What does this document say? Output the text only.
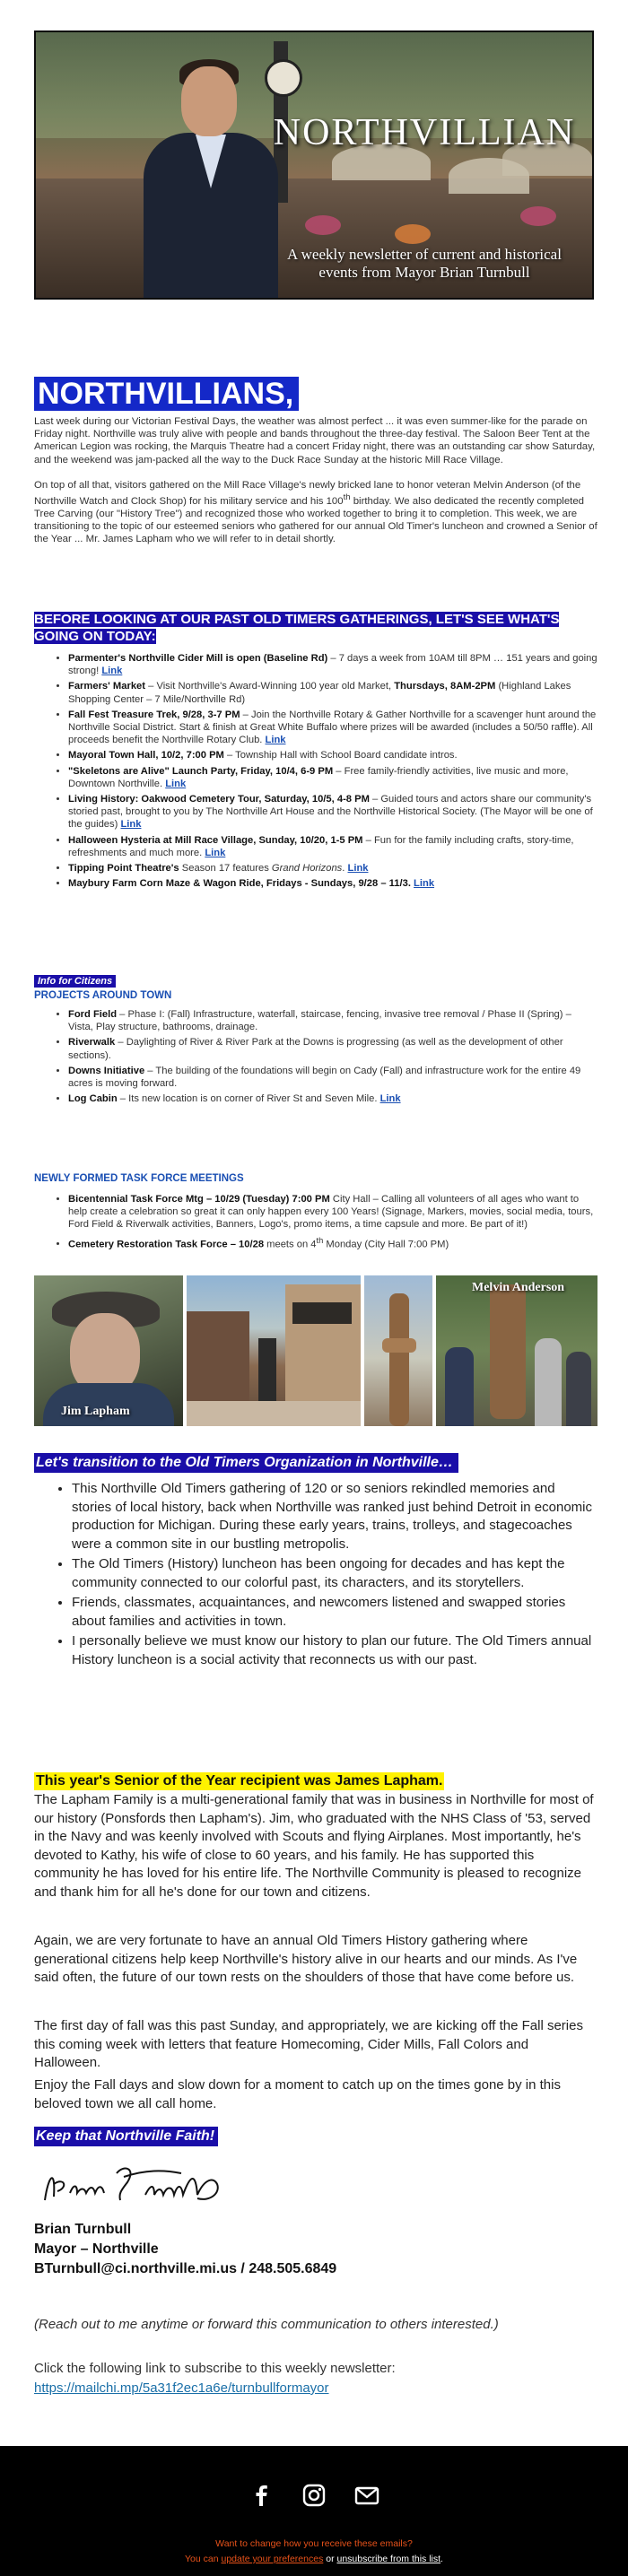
NORTHVILLIAN
A weekly newsletter of current and historical
events from Mayor Brian Turnbull
NORTHVILLIANS,

Last week during our Victorian Festival Days, the weather was almost perfect ... it was even summer-like for the parade on Friday night. Northville was truly alive with people and bands throughout the three-day festival. The Saloon Beer Tent at the American Legion was rocking, the Marquis Theatre had a concert Friday night, there was an outstanding car show Saturday, and the weekend was jam-packed all the way to the Duck Race Sunday at the historic Mill Race Village.

On top of all that, visitors gathered on the Mill Race Village's newly bricked lane to honor veteran Melvin Anderson (of the Northville Watch and Clock Shop) for his military service and his 100th birthday. We also dedicated the recently completed Tree Carving (our "History Tree") and recognized those who worked together to bring it to completion. This week, we are transitioning to the topic of our esteemed seniors who gathered for our annual Old Timer's luncheon and crowned a Senior of the Year ... Mr. James Lapham who we will refer to in detail shortly.

BEFORE LOOKING AT OUR PAST OLD TIMERS GATHERINGS, LET'S SEE WHAT'S
GOING ON TODAY:
• Parmenter's Northville Cider Mill is open (Baseline Rd) – 7 days a week from 10AM till 8PM … 151 years and going strong! Link
• Farmers' Market – Visit Northville's Award-Winning 100 year old Market, Thursdays, 8AM-2PM (Highland Lakes Shopping Center – 7 Mile/Northville Rd)
• Fall Fest Treasure Trek, 9/28, 3-7 PM – Join the Northville Rotary & Gather Northville for a scavenger hunt around the Northville Social District. Start & finish at Great White Buffalo where prizes will be awarded (includes a 50/50 raffle). All proceeds benefit the Northville Rotary Club. Link
• Mayoral Town Hall, 10/2, 7:00 PM – Township Hall with School Board candidate intros.
• "Skeletons are Alive" Launch Party, Friday, 10/4, 6-9 PM – Free family-friendly activities, live music and more, Downtown Northville. Link
• Living History: Oakwood Cemetery Tour, Saturday, 10/5, 4-8 PM – Guided tours and actors share our community's storied past, brought to you by The Northville Art House and the Northville Historical Society. (The Mayor will be one of the guides) Link
• Halloween Hysteria at Mill Race Village, Sunday, 10/20, 1-5 PM – Fun for the family including crafts, story-time, refreshments and much more. Link
• Tipping Point Theatre's Season 17 features Grand Horizons. Link
• Maybury Farm Corn Maze & Wagon Ride, Fridays - Sundays, 9/28 – 11/3. Link
Info for Citizens
PROJECTS AROUND TOWN
• Ford Field – Phase I: (Fall) Infrastructure, waterfall, staircase, fencing, invasive tree removal / Phase II (Spring) – Vista, Play structure, bathrooms, drainage.
• Riverwalk – Daylighting of River & River Park at the Downs is progressing (as well as the development of other sections).
• Downs Initiative – The building of the foundations will begin on Cady (Fall) and infrastructure work for the entire 49 acres is moving forward.
• Log Cabin – Its new location is on corner of River St and Seven Mile. Link
NEWLY FORMED TASK FORCE MEETINGS
• Bicentennial Task Force Mtg – 10/29 (Tuesday) 7:00 PM City Hall – Calling all volunteers of all ages who want to help create a celebration so great it can only happen every 100 Years! (Signage, Markers, movies, social media, tours, Ford Field & Riverwalk activities, Banners, Logo's, promo items, a time capsule and more. Be part of it!)
• Cemetery Restoration Task Force – 10/28 meets on 4th Monday (City Hall 7:00 PM)
Jim Lapham
Melvin Anderson
Let's transition to the Old Timers Organization in Northville…
• This Northville Old Timers gathering of 120 or so seniors rekindled memories and stories of local history, back when Northville was ranked just behind Detroit in economic production for Michigan. During these early years, trains, trolleys, and stagecoaches were a common site in our bustling metropolis.
• The Old Timers (History) luncheon has been ongoing for decades and has kept the community connected to our colorful past, its characters, and its storytellers.
• Friends, classmates, acquaintances, and newcomers listened and swapped stories about families and activities in town.
• I personally believe we must know our history to plan our future. The Old Timers annual History luncheon is a social activity that reconnects us with our past.
This year's Senior of the Year recipient was James Lapham.
The Lapham Family is a multi-generational family that was in business in Northville for most of our history (Ponsfords then Lapham's). Jim, who graduated with the NHS Class of '53, served in the Navy and was keenly involved with Scouts and flying Airplanes. Most importantly, he's devoted to Kathy, his wife of close to 60 years, and his family. He has supported this community he has loved for his entire life. The Northville Community is pleased to recognize and thank him for all he's done for our town and citizens.
Again, we are very fortunate to have an annual Old Timers History gathering where generational citizens help keep Northville's history alive in our hearts and our minds. As I've said often, the future of our town rests on the shoulders of those that have come before us.
The first day of fall was this past Sunday, and appropriately, we are kicking off the Fall series this coming week with letters that feature Homecoming, Cider Mills, Fall Colors and Halloween.
Enjoy the Fall days and slow down for a moment to catch up on the times gone by in this beloved town we all call home.
Keep that Northville Faith!
Brian Turnbull
Mayor – Northville
BTurnbull@ci.northville.mi.us / 248.505.6849
(Reach out to me anytime or forward this communication to others interested.)
Click the following link to subscribe to this weekly newsletter:
https://mailchi.mp/5a31f2ec1a6e/turnbullformayor
Want to change how you receive these emails?
You can update your preferences or unsubscribe from this list.
